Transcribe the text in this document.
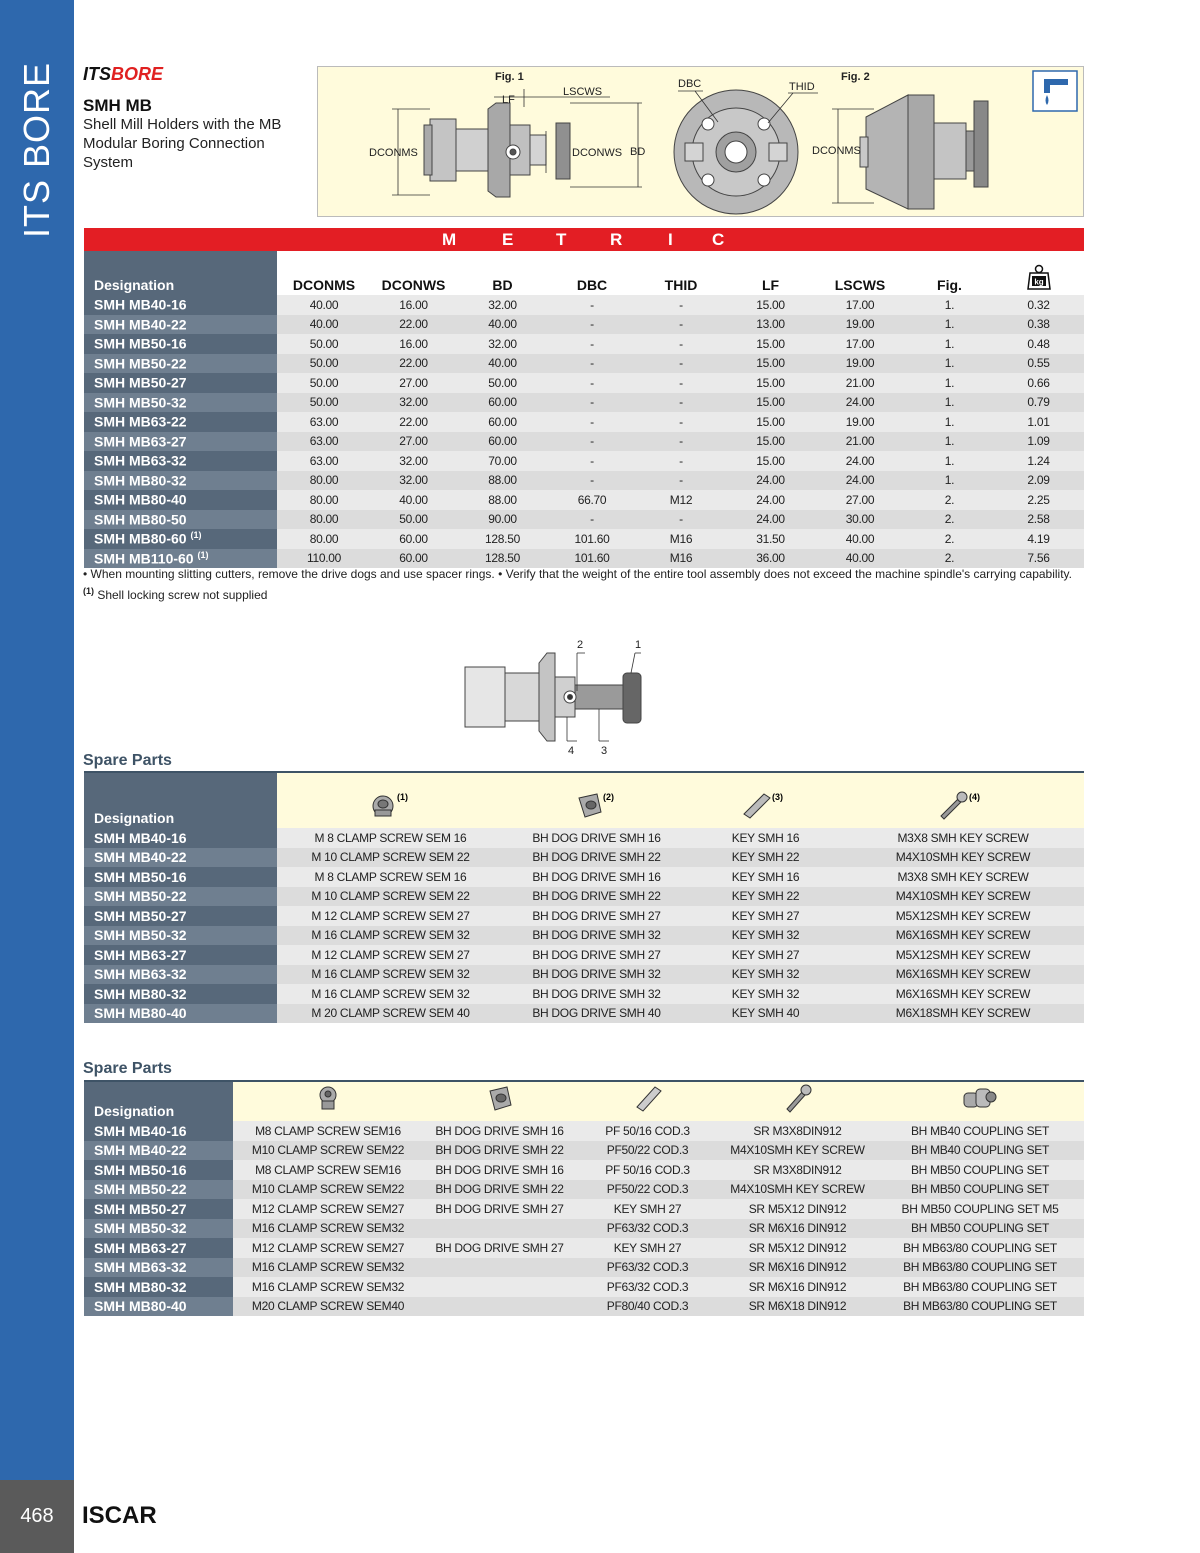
ITS BORE
468	ISCAR
ITSBORE
SMH MB
Shell Mill Holders with the MB Modular Boring Connection System
Fig. 1
LF
LSCWS
DCONMS	DCONWS BD
DBC	THID
Fig. 2
DCONMS
M	E	T	R	I C
Designation	DCONMS	DCONWS	BD	DBC	THID	LF	LSCWS	Fig.	kg

SMH MB40-16	40.00	16.00	32.00	-	-	15.00	17.00	1.	0.32
SMH MB40-22	40.00	22.00	40.00	-	-	13.00	19.00	1.	0.38
SMH MB50-16	50.00	16.00	32.00	-	-	15.00	17.00	1.	0.48
SMH MB50-22	50.00	22.00	40.00	-	-	15.00	19.00	1.	0.55
SMH MB50-27	50.00	27.00	50.00	-	-	15.00	21.00	1.	0.66
SMH MB50-32	50.00	32.00	60.00	-	-	15.00	24.00	1.	0.79
SMH MB63-22	63.00	22.00	60.00	-	-	15.00	19.00	1.	1.01
SMH MB63-27	63.00	27.00	60.00	-	-	15.00	21.00	1.	1.09
SMH MB63-32	63.00	32.00	70.00	-	-	15.00	24.00	1.	1.24
SMH MB80-32	80.00	32.00	88.00	-	-	24.00	24.00	1.	2.09
SMH MB80-40	80.00	40.00	88.00	66.70	M12	24.00	27.00	2.	2.25
SMH MB80-50	80.00	50.00	90.00	-	-	24.00	30.00	2.	2.58
SMH MB80-60 $^{(1)}$	80.00	60.00	128.50	101.60	M16	31.50	40.00	2.	4.19
SMH MB110-60 $^{(1)}$	110.00	60.00	128.50	101.60	M16	36.00	40.00	2.	7.56
• When mounting slitting cutters, remove the drive dogs and use spacer rings. • Verify that the weight of the entire tool assembly does not exceed the machine spindle's carrying capability.
$^{(1)}$ Shell locking screw not supplied
1
2
3
4
Spare Parts
Designation	(1)	(2)	(3)	(4)

SMH MB40-16	M 8 CLAMP SCREW SEM 16	BH DOG DRIVE SMH 16	KEY SMH 16	M3X8 SMH KEY SCREW
SMH MB40-22	M 10 CLAMP SCREW SEM 22	BH DOG DRIVE SMH 22	KEY SMH 22	M4X10SMH KEY SCREW
SMH MB50-16	M 8 CLAMP SCREW SEM 16	BH DOG DRIVE SMH 16	KEY SMH 16	M3X8 SMH KEY SCREW
SMH MB50-22	M 10 CLAMP SCREW SEM 22	BH DOG DRIVE SMH 22	KEY SMH 22	M4X10SMH KEY SCREW
SMH MB50-27	M 12 CLAMP SCREW SEM 27	BH DOG DRIVE SMH 27	KEY SMH 27	M5X12SMH KEY SCREW
SMH MB50-32	M 16 CLAMP SCREW SEM 32	BH DOG DRIVE SMH 32	KEY SMH 32	M6X16SMH KEY SCREW
SMH MB63-27	M 12 CLAMP SCREW SEM 27	BH DOG DRIVE SMH 27	KEY SMH 27	M5X12SMH KEY SCREW
SMH MB63-32	M 16 CLAMP SCREW SEM 32	BH DOG DRIVE SMH 32	KEY SMH 32	M6X16SMH KEY SCREW
SMH MB80-32	M 16 CLAMP SCREW SEM 32	BH DOG DRIVE SMH 32	KEY SMH 32	M6X16SMH KEY SCREW
SMH MB80-40	M 20 CLAMP SCREW SEM 40	BH DOG DRIVE SMH 40	KEY SMH 40	M6X18SMH KEY SCREW
Spare Parts
Designation	

SMH MB40-16	M8 CLAMP SCREW SEM16	BH DOG DRIVE SMH 16	PF 50/16 COD.3	SR M3X8DIN912	BH MB40 COUPLING SET
SMH MB40-22	M10 CLAMP SCREW SEM22	BH DOG DRIVE SMH 22	PF50/22 COD.3	M4X10SMH KEY SCREW	BH MB40 COUPLING SET
SMH MB50-16	M8 CLAMP SCREW SEM16	BH DOG DRIVE SMH 16	PF 50/16 COD.3	SR M3X8DIN912	BH MB50 COUPLING SET
SMH MB50-22	M10 CLAMP SCREW SEM22	BH DOG DRIVE SMH 22	PF50/22 COD.3	M4X10SMH KEY SCREW	BH MB50 COUPLING SET
SMH MB50-27	M12 CLAMP SCREW SEM27	BH DOG DRIVE SMH 27	KEY SMH 27	SR M5X12 DIN912	BH MB50 COUPLING SET M5
SMH MB50-32	M16 CLAMP SCREW SEM32		PF63/32 COD.3	SR M6X16 DIN912	BH MB50 COUPLING SET
SMH MB63-27	M12 CLAMP SCREW SEM27	BH DOG DRIVE SMH 27	KEY SMH 27	SR M5X12 DIN912	BH MB63/80 COUPLING SET
SMH MB63-32	M16 CLAMP SCREW SEM32		PF63/32 COD.3	SR M6X16 DIN912	BH MB63/80 COUPLING SET
SMH MB80-32	M16 CLAMP SCREW SEM32		PF63/32 COD.3	SR M6X16 DIN912	BH MB63/80 COUPLING SET
SMH MB80-40	M20 CLAMP SCREW SEM40		PF80/40 COD.3	SR M6X18 DIN912	BH MB63/80 COUPLING SET
